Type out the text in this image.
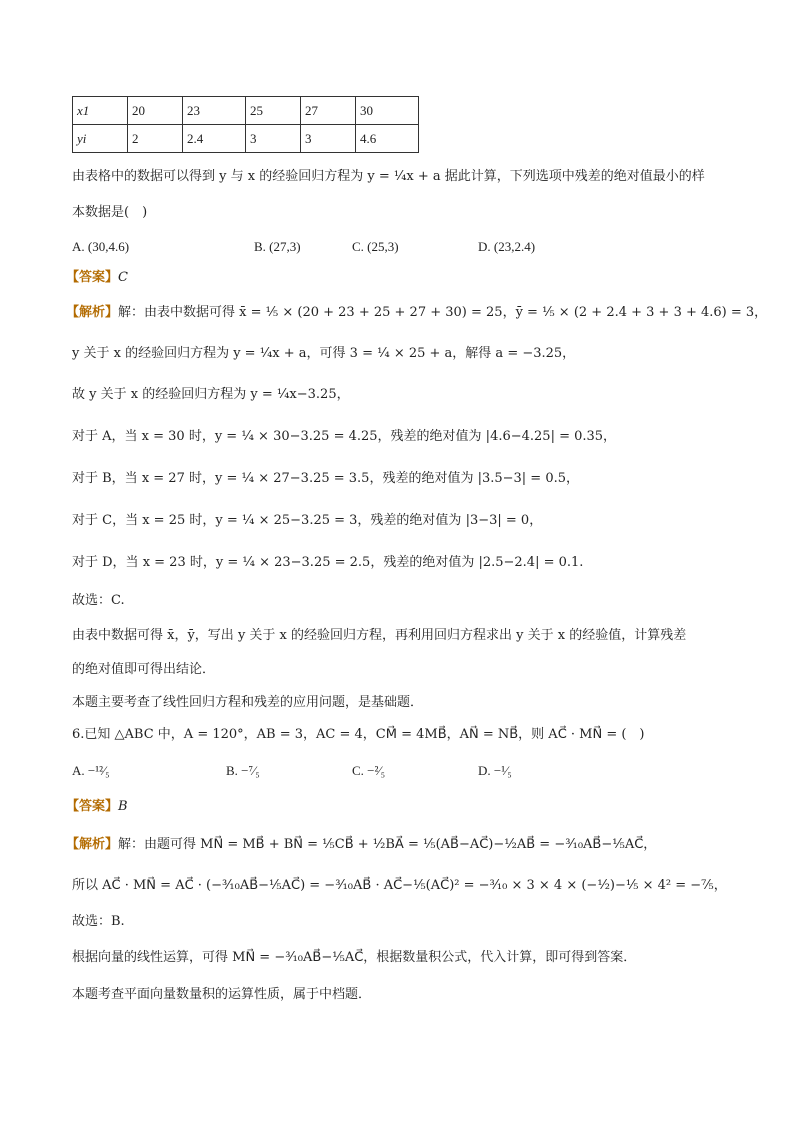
x1	20	23	25	27	30
yi	2	2.4	3	3	4.6
由表格中的数据可以得到 y 与 x 的经验回归方程为 y = ¹⁄₄x + a 据此计算，下列选项中残差的绝对值最小的样
本数据是(　)
A. (30,4.6)	B. (27,3)	C. (25,3)	D. (23,2.4)
【答案】C
【解析】解：由表中数据可得 x̄ = ¹⁄₅ × (20 + 23 + 25 + 27 + 30) = 25，ȳ = ¹⁄₅ × (2 + 2.4 + 3 + 3 + 4.6) = 3，
y 关于 x 的经验回归方程为 y = ¹⁄₄x + a，可得 3 = ¹⁄₄ × 25 + a，解得 a = −3.25，
故 y 关于 x 的经验回归方程为 y = ¹⁄₄x−3.25，
对于 A，当 x = 30 时，y = ¹⁄₄ × 30−3.25 = 4.25，残差的绝对值为 |4.6−4.25| = 0.35，
对于 B，当 x = 27 时，y = ¹⁄₄ × 27−3.25 = 3.5，残差的绝对值为 |3.5−3| = 0.5，
对于 C，当 x = 25 时，y = ¹⁄₄ × 25−3.25 = 3，残差的绝对值为 |3−3| = 0，
对于 D，当 x = 23 时，y = ¹⁄₄ × 23−3.25 = 2.5，残差的绝对值为 |2.5−2.4| = 0.1.
故选：C.
由表中数据可得 x̄，ȳ，写出 y 关于 x 的经验回归方程，再利用回归方程求出 y 关于 x 的经验值，计算残差
的绝对值即可得出结论．
本题主要考查了线性回归方程和残差的应用问题，是基础题．
6.已知 △ABC 中，A = 120°，AB = 3，AC = 4，CM⃗ = 4MB⃗，AN⃗ = NB⃗，则 AC⃗ · MN⃗ = (　)
A. −¹²⁄₅	B. −⁷⁄₅	C. −²⁄₅	D. −¹⁄₅
【答案】B
【解析】解：由题可得 MN⃗ = MB⃗ + BN⃗ = ¹⁄₅CB⃗ + ¹⁄₂BA⃗ = ¹⁄₅(AB⃗−AC⃗)−¹⁄₂AB⃗ = −³⁄₁₀AB⃗−¹⁄₅AC⃗，
所以 AC⃗ · MN⃗ = AC⃗ · (−³⁄₁₀AB⃗−¹⁄₅AC⃗) = −³⁄₁₀AB⃗ · AC⃗−¹⁄₅(AC⃗)² = −³⁄₁₀ × 3 × 4 × (−¹⁄₂)−¹⁄₅ × 4² = −⁷⁄₅，
故选：B.
根据向量的线性运算，可得 MN⃗ = −³⁄₁₀AB⃗−¹⁄₅AC⃗，根据数量积公式，代入计算，即可得到答案．
本题考查平面向量数量积的运算性质，属于中档题．
